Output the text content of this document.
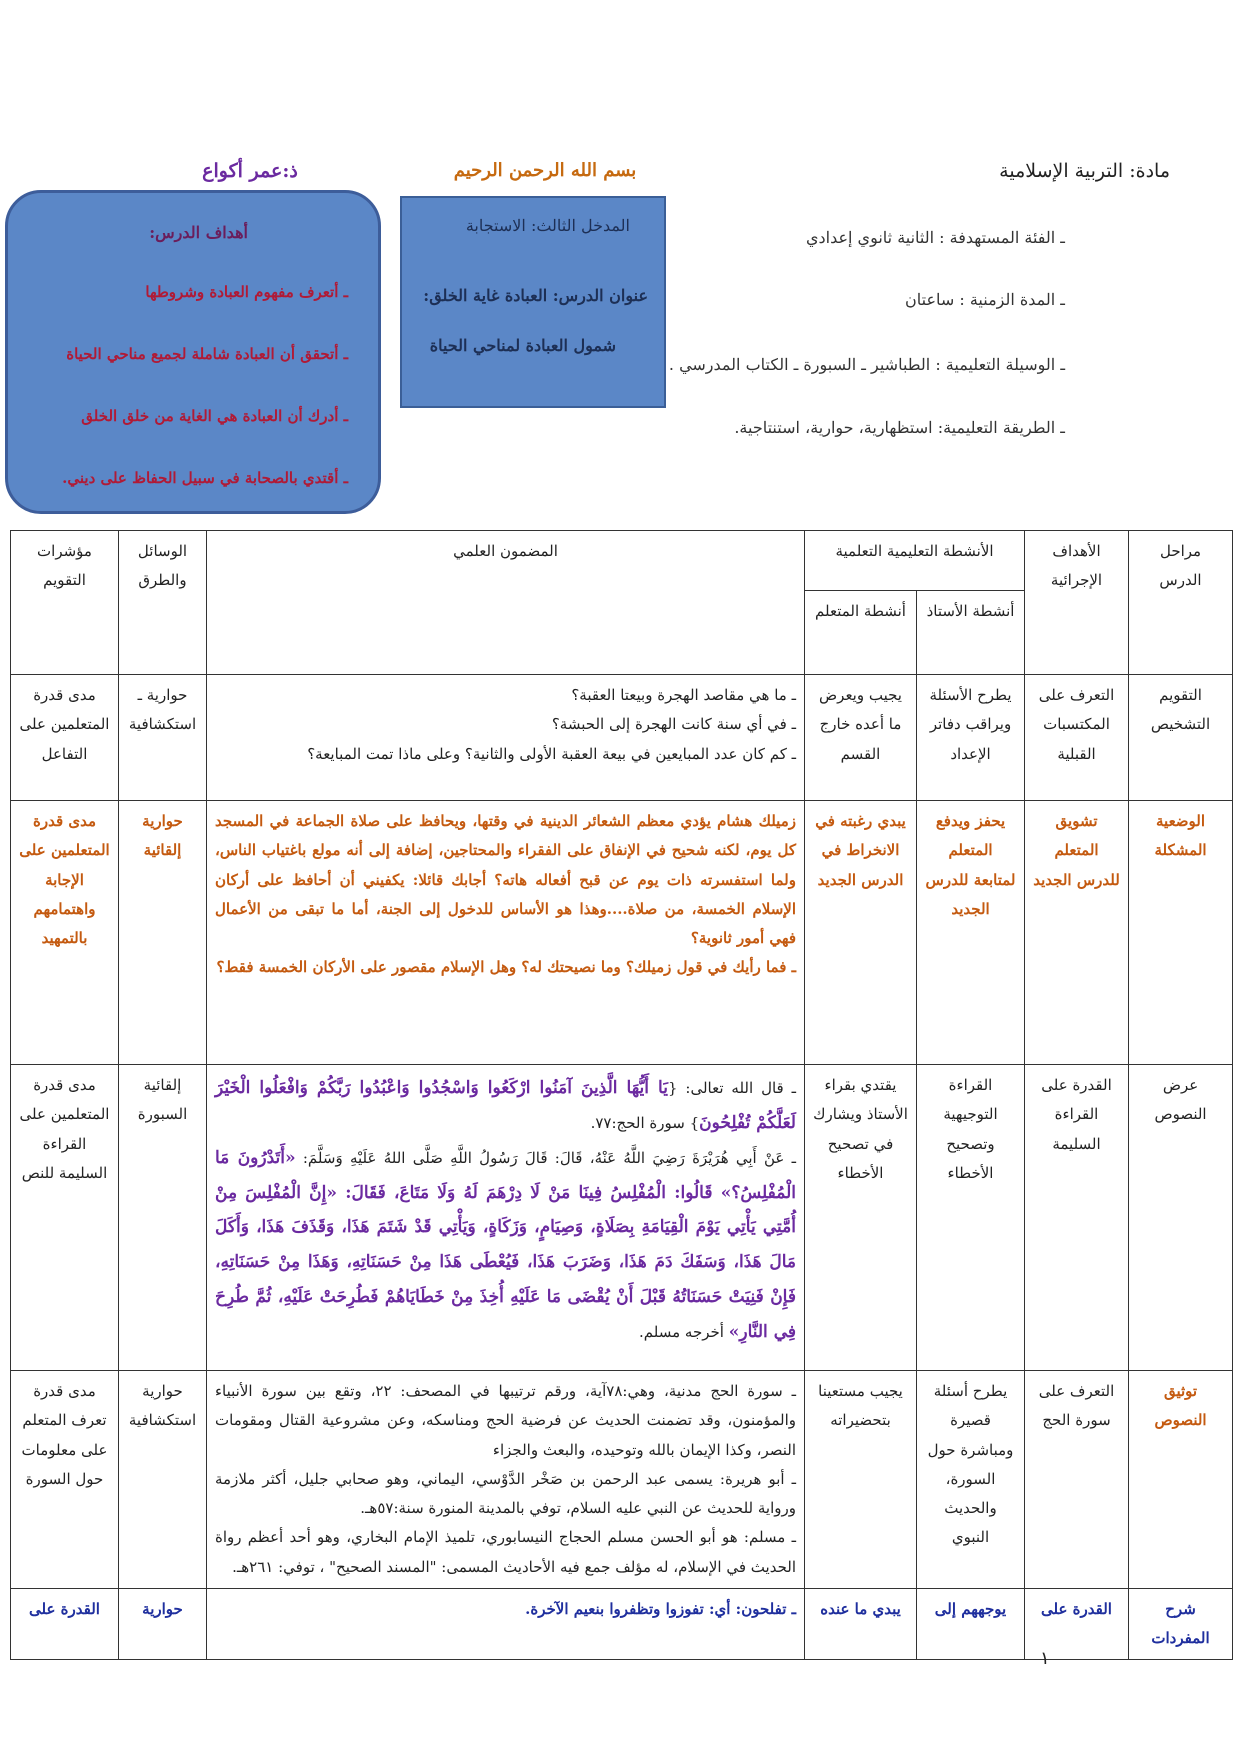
مادة: التربية الإسلامية
بسم الله الرحمن الرحيم
ذ:عمر أكواع
ـ الفئة المستهدفة : الثانية ثانوي إعدادي
ـ المدة الزمنية : ساعتان
ـ الوسيلة التعليمية : الطباشير ـ السبورة ـ الكتاب المدرسي .
ـ الطريقة التعليمية: استظهارية، حوارية، استنتاجية.
المدخل الثالث: الاستجابة
عنوان الدرس: العبادة غاية الخلق:
شمول العبادة لمناحي الحياة
أهداف الدرس:
ـ أتعرف مفهوم العبادة وشروطها
ـ أتحقق أن العبادة شاملة لجميع مناحي الحياة
ـ أدرك أن العبادة هي الغاية من خلق الخلق
ـ أقتدي بالصحابة في سبيل الحفاظ على ديني.
مراحل الدرس	الأهداف الإجرائية	الأنشطة التعليمية التعلمية		المضمون العلمي	الوسائل والطرق	مؤشرات التقويم
		أنشطة الأستاذ	أنشطة المتعلم			
التقويم التشخيص	التعرف على المكتسبات القبلية	يطرح الأسئلة ويراقب دفاتر الإعداد	يجيب ويعرض ما أعده خارج القسم	ـ ما هي مقاصد الهجرة وبيعتا العقبة؟
ـ في أي سنة كانت الهجرة إلى الحبشة؟
ـ كم كان عدد المبايعين في بيعة العقبة الأولى والثانية؟ وعلى ماذا تمت المبايعة؟	حوارية ـ استكشافية	مدى قدرة المتعلمين على التفاعل
الوضعية المشكلة	تشويق المتعلم للدرس الجديد	يحفز ويدفع المتعلم لمتابعة للدرس الجديد	يبدي رغبته في الانخراط في الدرس الجديد	زميلك هشام يؤدي معظم الشعائر الدينية في وقتها، ويحافظ على صلاة الجماعة في المسجد كل يوم، لكنه شحيح في الإنفاق على الفقراء والمحتاجين، إضافة إلى أنه مولع باغتياب الناس، ولما استفسرته ذات يوم عن قبح أفعاله هاته؟ أجابك قائلا: يكفيني أن أحافظ على أركان الإسلام الخمسة، من صلاة....وهذا هو الأساس للدخول إلى الجنة، أما ما تبقى من الأعمال فهي أمور ثانوية؟
ـ فما رأيك في قول زميلك؟ وما نصيحتك له؟ وهل الإسلام مقصور على الأركان الخمسة فقط؟	حوارية إلقائية	مدى قدرة المتعلمين على الإجابة واهتمامهم بالتمهيد
عرض النصوص	القدرة على القراءة السليمة	القراءة التوجيهية وتصحيح الأخطاء	يقتدي بقراء الأستاذ ويشارك في تصحيح الأخطاء	ـ قال الله تعالى: {يَا أَيُّهَا الَّذِينَ آمَنُوا ارْكَعُوا وَاسْجُدُوا وَاعْبُدُوا رَبَّكُمْ وَافْعَلُوا الْخَيْرَ لَعَلَّكُمْ تُفْلِحُونَ} سورة الحج:٧٧.
ـ عَنْ أَبِي هُرَيْرَةَ رَضِيَ اللَّهُ عَنْهُ، قَالَ: قَالَ رَسُولُ اللَّهِ صَلَّى اللهُ عَلَيْهِ وَسَلَّمَ: «أَتَدْرُونَ مَا الْمُفْلِسُ؟» قَالُوا: الْمُفْلِسُ فِينَا مَنْ لَا دِرْهَمَ لَهُ وَلَا مَتَاعَ، فَقَالَ: «إِنَّ الْمُفْلِسَ مِنْ أُمَّتِي يَأْتِي يَوْمَ الْقِيَامَةِ بِصَلَاةٍ، وَصِيَامٍ، وَزَكَاةٍ، وَيَأْتِي قَدْ شَتَمَ هَذَا، وَقَذَفَ هَذَا، وَأَكَلَ مَالَ هَذَا، وَسَفَكَ دَمَ هَذَا، وَضَرَبَ هَذَا، فَيُعْطَى هَذَا مِنْ حَسَنَاتِهِ، وَهَذَا مِنْ حَسَنَاتِهِ، فَإِنْ فَنِيَتْ حَسَنَاتُهُ قَبْلَ أَنْ يُقْضَى مَا عَلَيْهِ أُخِذَ مِنْ خَطَايَاهُمْ فَطُرِحَتْ عَلَيْهِ، ثُمَّ طُرِحَ فِي النَّارِ» أخرجه مسلم.	إلقائية السبورة	مدى قدرة المتعلمين على القراءة السليمة للنص
توثيق النصوص	التعرف على سورة الحج	يطرح أسئلة قصيرة ومباشرة حول السورة، والحديث النبوي	يجيب مستعينا بتحضيراته	ـ سورة الحج مدنية، وهي:٧٨آية، ورقم ترتيبها في المصحف: ٢٢، وتقع بين سورة الأنبياء والمؤمنون، وقد تضمنت الحديث عن فرضية الحج ومناسكه، وعن مشروعية القتال ومقومات النصر، وكذا الإيمان بالله وتوحيده، والبعث والجزاء
ـ أبو هريرة: يسمى عبد الرحمن بن صَخْر الدَّوْسي، اليماني، وهو صحابي جليل، أكثر ملازمة ورواية للحديث عن النبي عليه السلام، توفي بالمدينة المنورة سنة:٥٧هـ.
ـ مسلم: هو أبو الحسن مسلم الحجاج النيسابوري، تلميذ الإمام البخاري، وهو أحد أعظم رواة الحديث في الإسلام، له مؤلف جمع فيه الأحاديث المسمى: "المسند الصحيح" ، توفي: ٢٦١هـ.	حوارية استكشافية	مدى قدرة تعرف المتعلم على معلومات حول السورة
شرح المفردات	القدرة على	يوجههم إلى	يبدي ما عنده	ـ تفلحون: أي: تفوزوا وتظفروا بنعيم الآخرة.	حوارية	القدرة على
١
